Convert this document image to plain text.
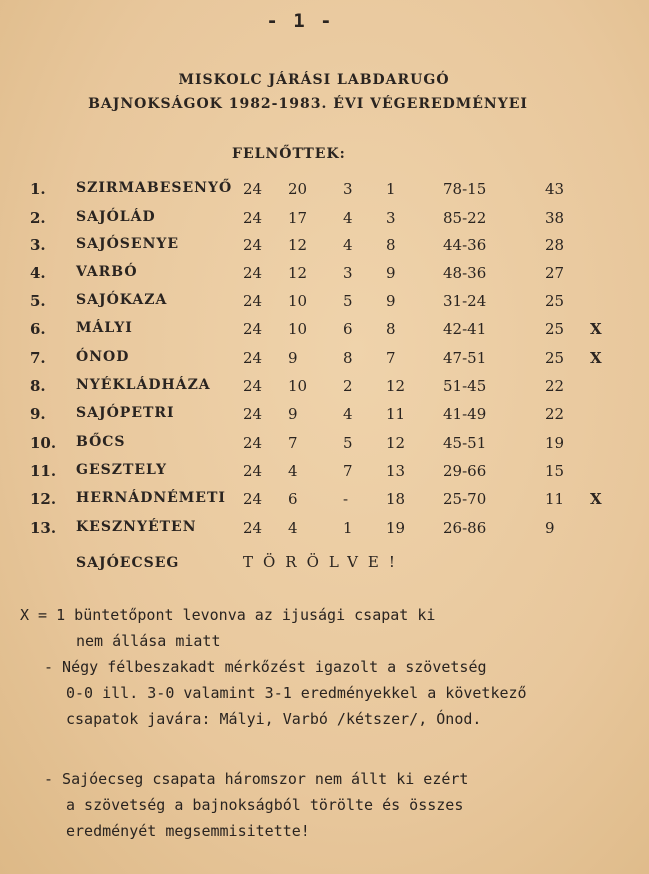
- 1 -
MISKOLC JÁRÁSI LABDARUGÓ
BAJNOKSÁGOK 1982-1983. ÉVI VÉGEREDMÉNYEI
FELNŐTTEK:
1. SZIRMABESENYŐ 24 20 3 1	78-15	43
2. SAJÓLÁD	24 17 4 3	85-22	38
3. SAJÓSENYE	24 12 4 8	44-36	28
4. VARBÓ	24 12 3 9	48-36	27
5. SAJÓKAZA	24 10 5 9	31-24	25
6. MÁLYI	24 10 6 8	42-41	25 X
7. ÓNOD	24 9	8 7	47-51	25 X
8. NYÉKLÁDHÁZA 24 10 2 12	51-45	22
9. SAJÓPETRI	24 9	4 11	41-49	22
10. BŐCS	24 7	5 12	45-51	19
11. GESZTELY	24 4	7 13	29-66	15
12. HERNÁDNÉMETI 24 6	-	18	25-70	11 X
13. KESZNYÉTEN	24 4	1 19	26-86	9
SAJÓECSEG	TÖRÖLVE!
X = 1 büntetőpont levonva az ijusági csapat ki
nem állása miatt
- Négy félbeszakadt mérkőzést igazolt a szövetség
0-0 ill. 3-0 valamint 3-1 eredményekkel a következő
csapatok javára: Mályi, Varbó /kétszer/, Ónod.
- Sajóecseg csapata háromszor nem állt ki ezért
a szövetség a bajnokságból törölte és összes
eredményét megsemmisitette!
